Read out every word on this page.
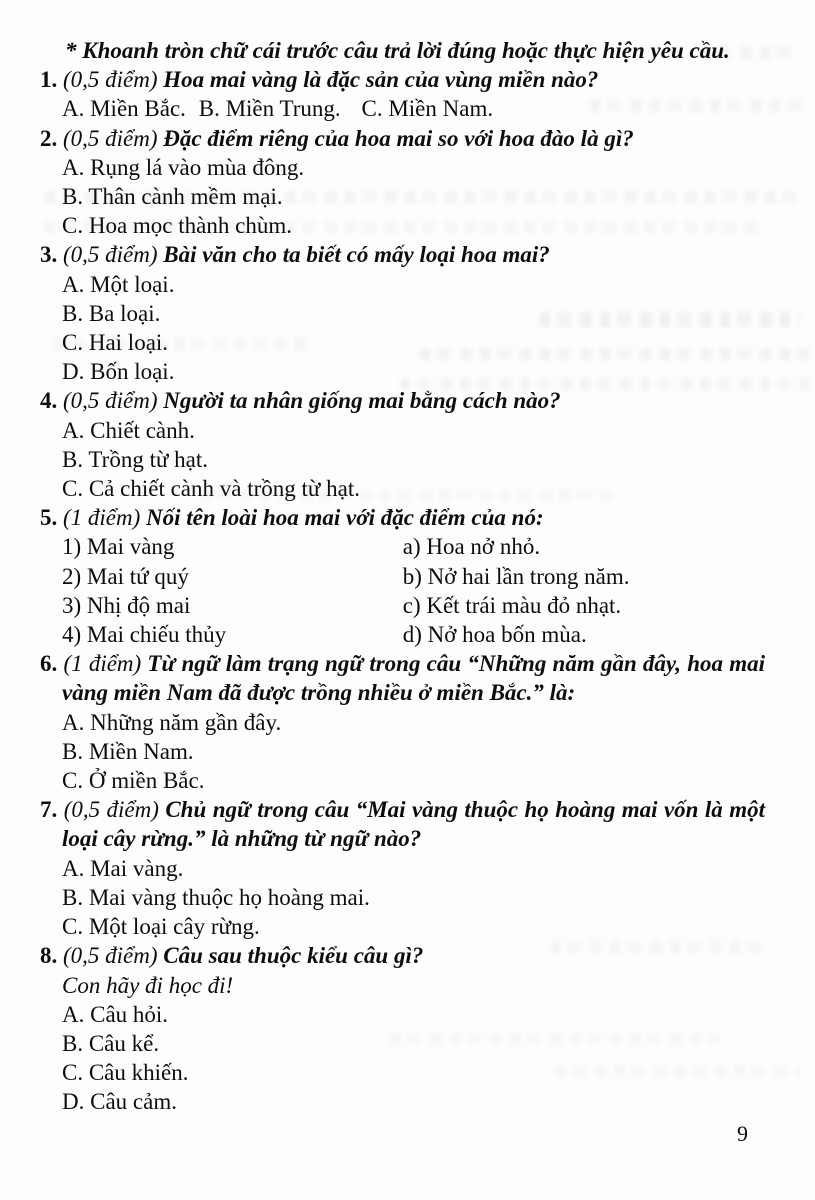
* Khoanh tròn chữ cái trước câu trả lời đúng hoặc thực hiện yêu cầu.

1. (0,5 điểm) Hoa mai vàng là đặc sản của vùng miền nào?

A. Miền Bắc. B. Miền Trung. C. Miền Nam.

2. (0,5 điểm) Đặc điểm riêng của hoa mai so với hoa đào là gì?

A. Rụng lá vào mùa đông.

B. Thân cành mềm mại.

C. Hoa mọc thành chùm.

3. (0,5 điểm) Bài văn cho ta biết có mấy loại hoa mai?

A. Một loại.

B. Ba loại.

C. Hai loại.

D. Bốn loại.

4. (0,5 điểm) Người ta nhân giống mai bằng cách nào?

A. Chiết cành.

B. Trồng từ hạt.

C. Cả chiết cành và trồng từ hạt.

5. (1 điểm) Nối tên loài hoa mai với đặc điểm của nó:

1) Mai vàng	a) Hoa nở nhỏ.

2) Mai tứ quý	b) Nở hai lần trong năm.

3) Nhị độ mai	c) Kết trái màu đỏ nhạt.

4) Mai chiếu thủy	d) Nở hoa bốn mùa.

6. (1 điểm) Từ ngữ làm trạng ngữ trong câu “Những năm gần đây, hoa mai vàng miền Nam đã được trồng nhiều ở miền Bắc.” là:

A. Những năm gần đây.

B. Miền Nam.

C. Ở miền Bắc.

7. (0,5 điểm) Chủ ngữ trong câu “Mai vàng thuộc họ hoàng mai vốn là một loại cây rừng.” là những từ ngữ nào?

A. Mai vàng.

B. Mai vàng thuộc họ hoàng mai.

C. Một loại cây rừng.

8. (0,5 điểm) Câu sau thuộc kiểu câu gì?

Con hãy đi học đi!

A. Câu hỏi.

B. Câu kể.

C. Câu khiến.

D. Câu cảm.

9
